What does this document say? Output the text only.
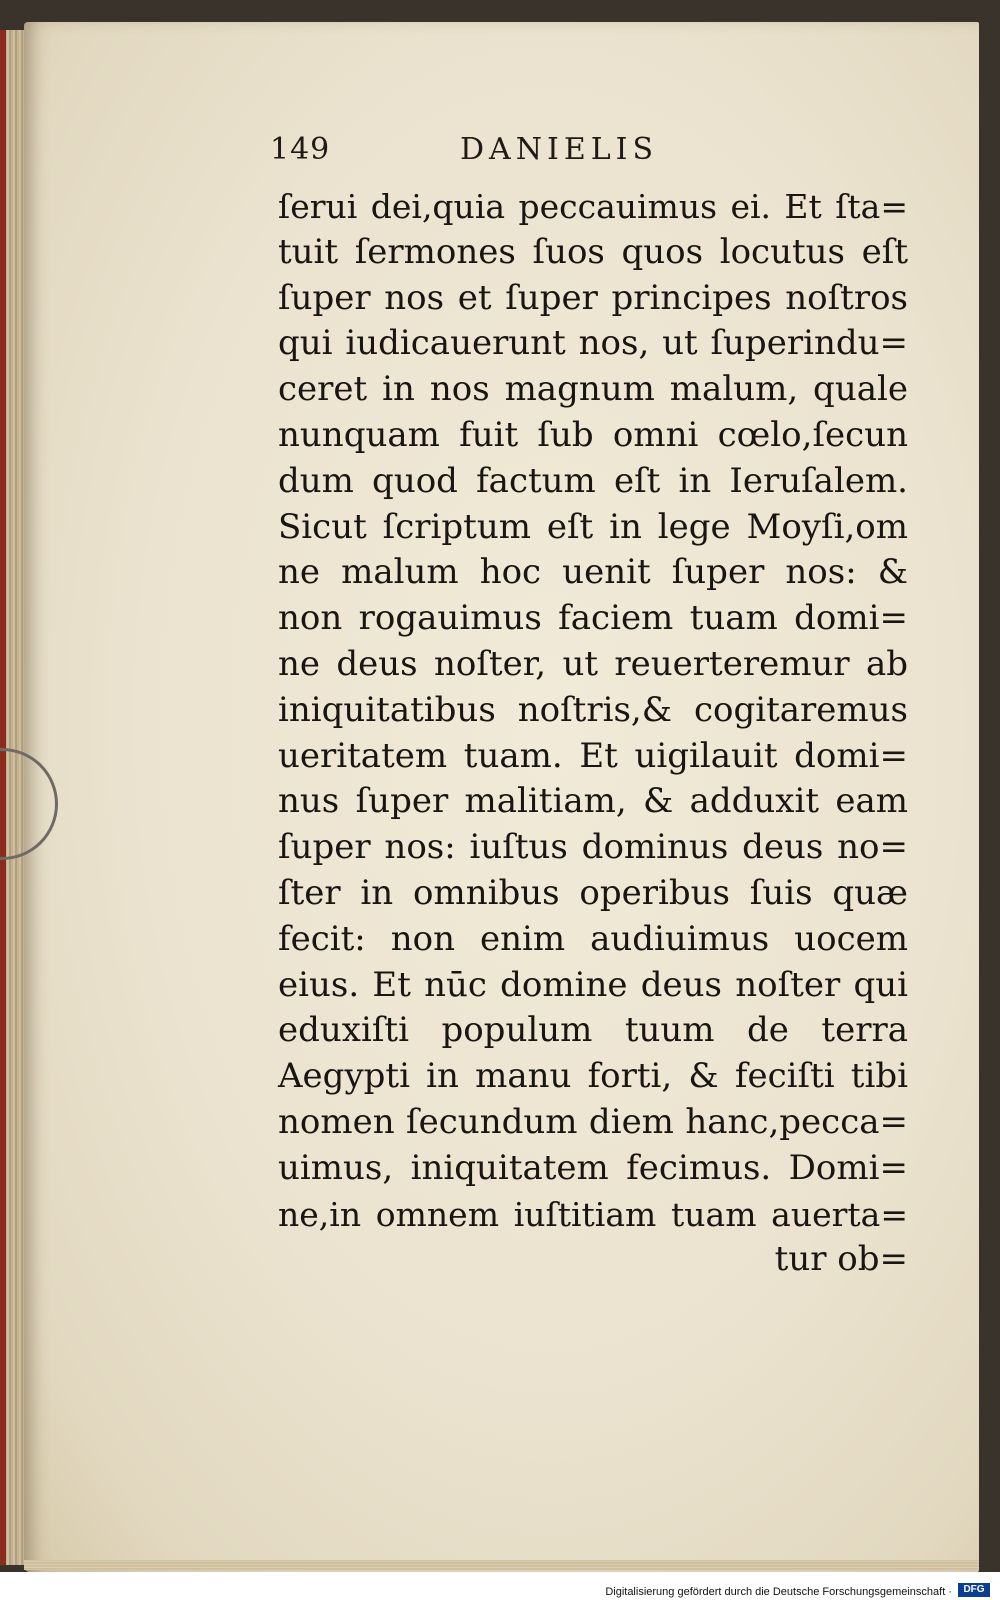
149	DANIELIS
ſerui dei,quia peccauimus ei. Et ſta=
tuit ſermones ſuos quos locutus eſt
ſuper nos et ſuper principes noſtros
qui iudicauerunt nos, ut ſuperindu=
ceret in nos magnum malum, quale
nunquam fuit ſub omni cœlo,ſecun
dum quod factum eſt in Ieruſalem.
Sicut ſcriptum eſt in lege Moyſi,om
ne malum hoc uenit ſuper nos: &
non rogauimus faciem tuam domi=
ne deus noſter, ut reuerteremur ab
iniquitatibus noſtris,& cogitaremus
ueritatem tuam. Et uigilauit domi=
nus ſuper malitiam, & adduxit eam
ſuper nos: iuſtus dominus deus no=
ſter in omnibus operibus ſuis quæ
fecit: non enim audiuimus uocem
eius. Et nūc domine deus noſter qui
eduxiſti populum tuum de terra
Aegypti in manu forti, & feciſti tibi
nomen ſecundum diem hanc,pecca=
uimus, iniquitatem fecimus. Domi=
ne,in omnem iuſtitiam tuam auerta=
tur ob=
Digitalisierung gefördert durch die Deutsche Forschungsgemeinschaft ·	DFG
